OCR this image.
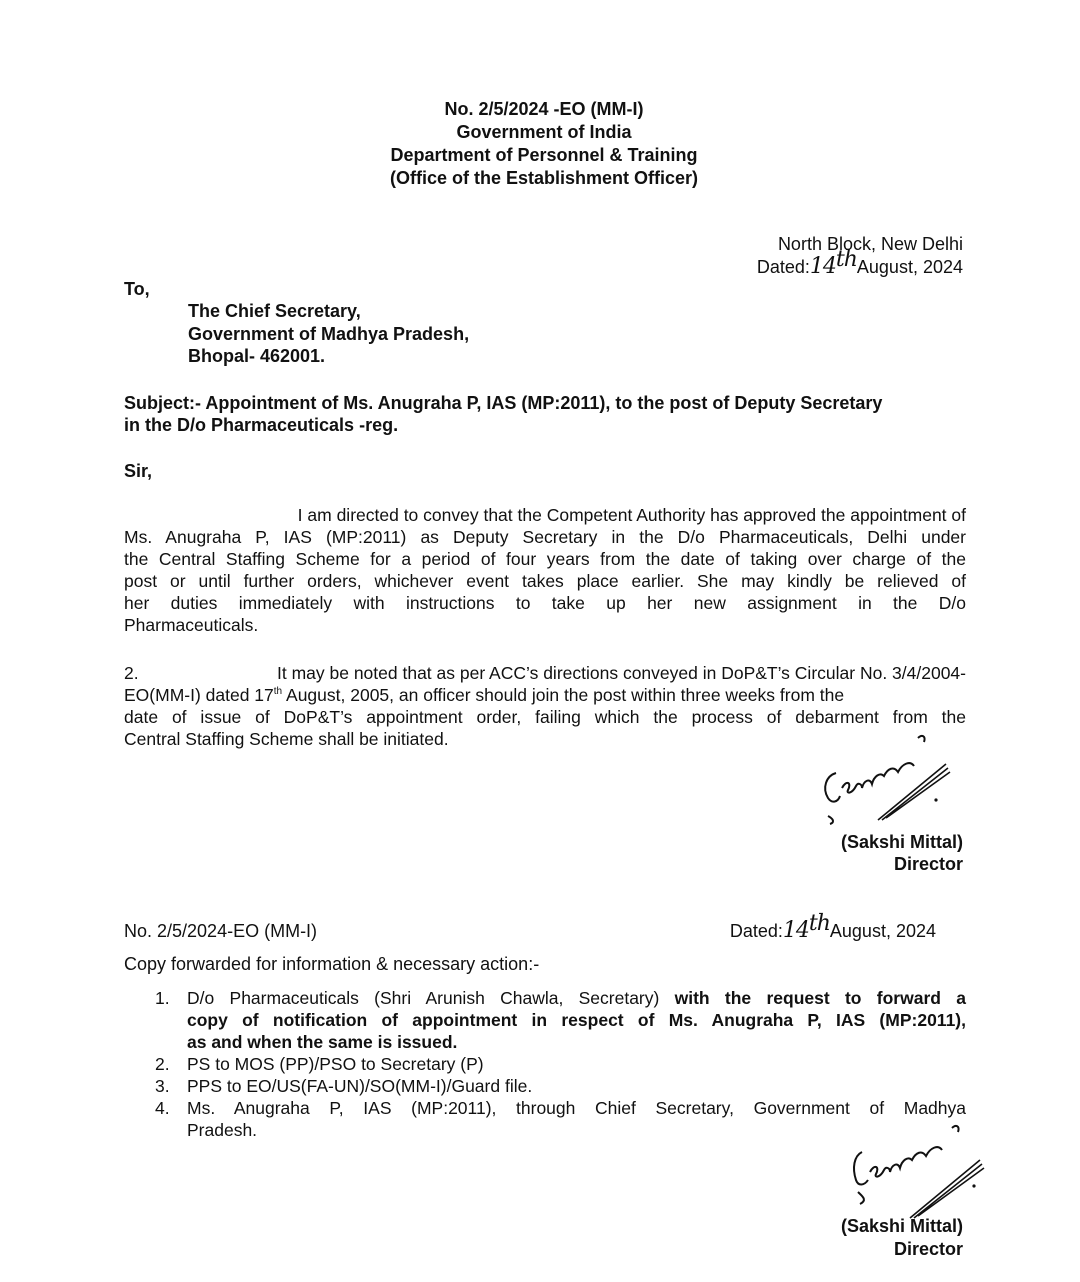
No. 2/5/2024 -EO (MM-I)
Government of India
Department of Personnel & Training
(Office of the Establishment Officer)
North Block, New Delhi
Dated:14thAugust, 2024
To,
The Chief Secretary,
Government of Madhya Pradesh,
Bhopal- 462001.
Subject:- Appointment of Ms. Anugraha P, IAS (MP:2011), to the post of Deputy Secretary
in the D/o Pharmaceuticals -reg.
Sir,
I am directed to convey that the Competent Authority has approved the appointment of
Ms. Anugraha P, IAS (MP:2011) as Deputy Secretary in the D/o Pharmaceuticals, Delhi under
the Central Staffing Scheme for a period of four years from the date of taking over charge of the
post or until further orders, whichever event takes place earlier. She may kindly be relieved of
her duties immediately with instructions to take up her new assignment in the D/o
Pharmaceuticals.
2.	It may be noted that as per ACC’s directions conveyed in DoP&T’s Circular No. 3/4/2004-
EO(MM-I) dated 17th August, 2005, an officer should join the post within three weeks from the
date of issue of DoP&T’s appointment order, failing which the process of debarment from the
Central Staffing Scheme shall be initiated.
(Sakshi Mittal)
Director
No. 2/5/2024-EO (MM-I)	Dated:14thAugust, 2024
Copy forwarded for information & necessary action:-
1. D/o Pharmaceuticals (Shri Arunish Chawla, Secretary) with the request to forward a
copy of notification of appointment in respect of Ms. Anugraha P, IAS (MP:2011),
as and when the same is issued.
2. PS to MOS (PP)/PSO to Secretary (P)
3. PPS to EO/US(FA-UN)/SO(MM-I)/Guard file.
4. Ms. Anugraha P, IAS (MP:2011), through Chief Secretary, Government of Madhya
Pradesh.
(Sakshi Mittal)
Director
